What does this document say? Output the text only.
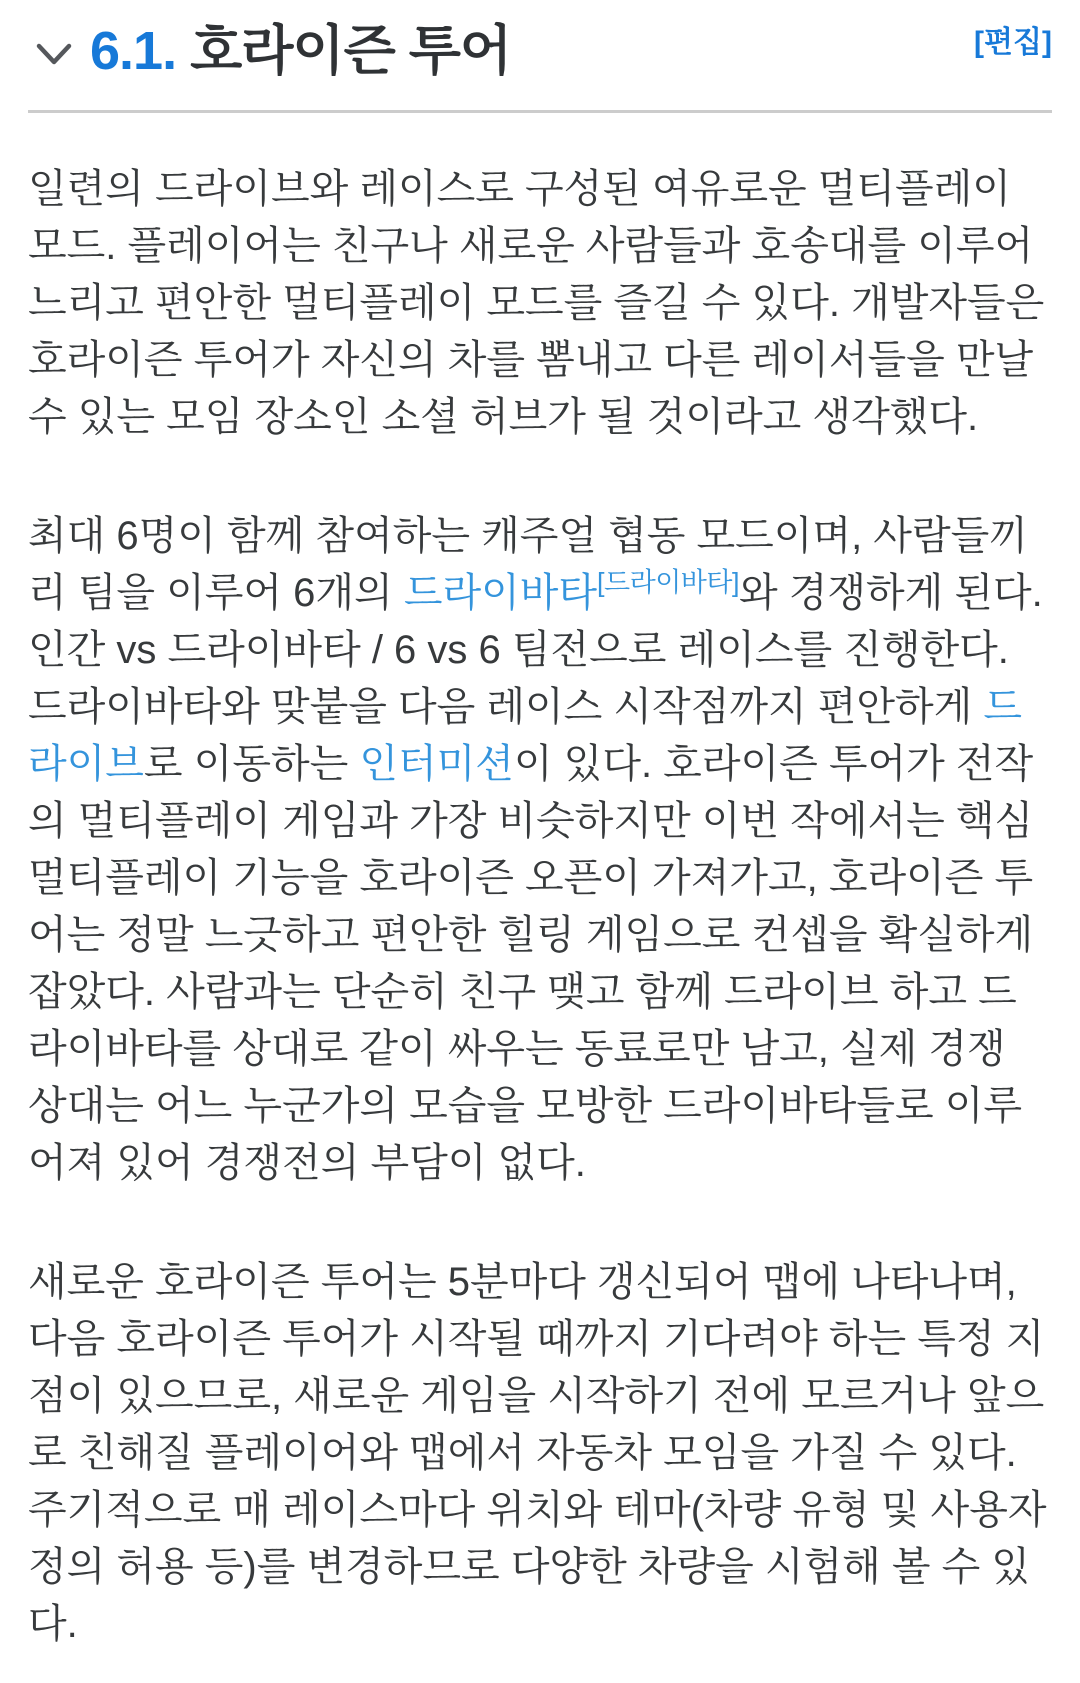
6.1. 호라이즌 투어	[편집]

일련의 드라이브와 레이스로 구성된 여유로운 멀티플레이 모드. 플레이어는 친구나 새로운 사람들과 호송대를 이루어 느리고 편안한 멀티플레이 모드를 즐길 수 있다. 개발자들은 호라이즌 투어가 자신의 차를 뽐내고 다른 레이서들을 만날 수 있는 모임 장소인 소셜 허브가 될 것이라고 생각했다.

최대 6명이 함께 참여하는 캐주얼 협동 모드이며, 사람들끼리 팀을 이루어 6개의 드라이바타[드라이바타]와 경쟁하게 된다. 인간 vs 드라이바타 / 6 vs 6 팀전으로 레이스를 진행한다. 드라이바타와 맞붙을 다음 레이스 시작점까지 편안하게 드라이브로 이동하는 인터미션이 있다. 호라이즌 투어가 전작의 멀티플레이 게임과 가장 비슷하지만 이번 작에서는 핵심 멀티플레이 기능을 호라이즌 오픈이 가져가고, 호라이즌 투어는 정말 느긋하고 편안한 힐링 게임으로 컨셉을 확실하게 잡았다. 사람과는 단순히 친구 맺고 함께 드라이브 하고 드라이바타를 상대로 같이 싸우는 동료로만 남고, 실제 경쟁 상대는 어느 누군가의 모습을 모방한 드라이바타들로 이루어져 있어 경쟁전의 부담이 없다.

새로운 호라이즌 투어는 5분마다 갱신되어 맵에 나타나며, 다음 호라이즌 투어가 시작될 때까지 기다려야 하는 특정 지점이 있으므로, 새로운 게임을 시작하기 전에 모르거나 앞으로 친해질 플레이어와 맵에서 자동차 모임을 가질 수 있다. 주기적으로 매 레이스마다 위치와 테마(차량 유형 및 사용자 정의 허용 등)를 변경하므로 다양한 차량을 시험해 볼 수 있다.
